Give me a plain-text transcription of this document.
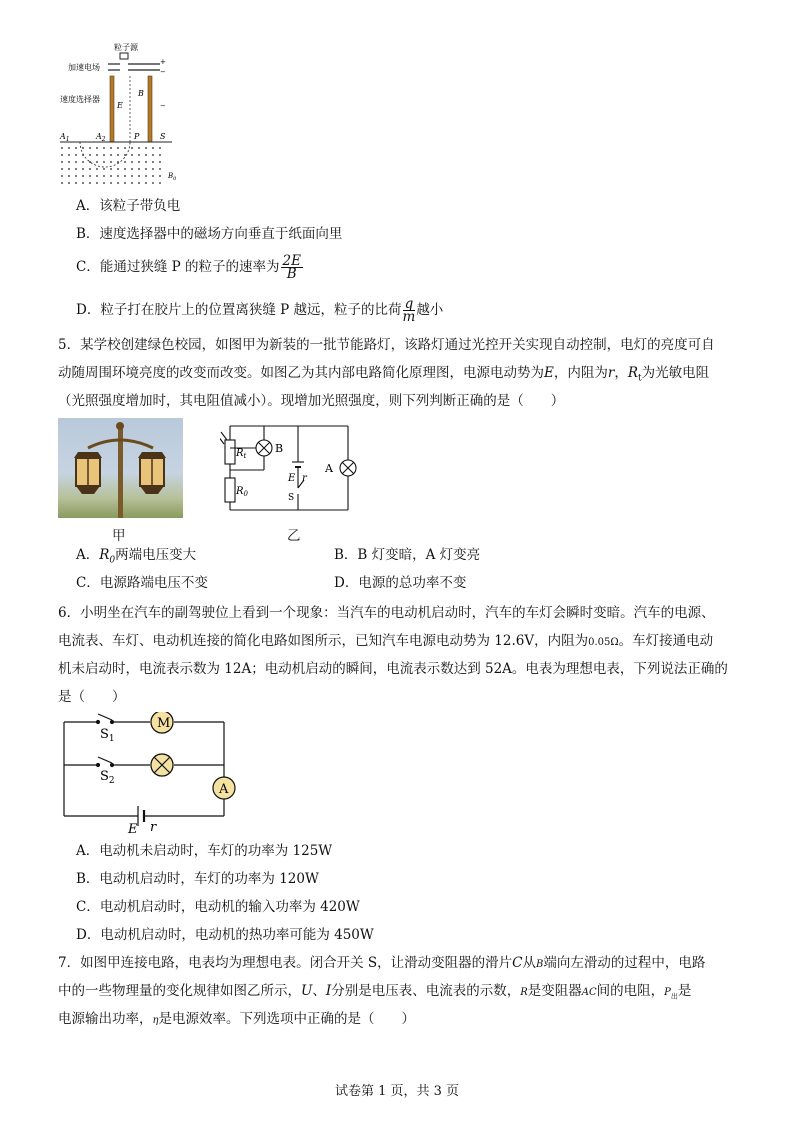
粒子源
加速电场
+
−
速度选择器
E
B
−
$A_1$	$A_2$	P	S
$B_0$
A．该粒子带负电
B．速度选择器中的磁场方向垂直于纸面向里
C．能通过狭缝 P 的粒子的速率为 $\frac{2E}{B}$
D．粒子打在胶片上的位置离狭缝 P 越远，粒子的比荷 $\frac{q}{m}$ 越小
5．某学校创建绿色校园，如图甲为新装的一批节能路灯，该路灯通过光控开关实现自动控制，电灯的亮度可自
动随周围环境亮度的改变而改变。如图乙为其内部电路简化原理图，电源电动势为E，内阻为r，$R_t$为光敏电阻
（光照强度增加时，其电阻值减小）。现增加光照强度，则下列判断正确的是（　　）
甲
$R_t$
B
$R_0$
E r
S
A
乙
A．$R_0$两端电压变大	B．B 灯变暗，A 灯变亮
C．电源路端电压不变	D．电源的总功率不变
6．小明坐在汽车的副驾驶位上看到一个现象：当汽车的电动机启动时，汽车的车灯会瞬时变暗。汽车的电源、
电流表、车灯、电动机连接的简化电路如图所示，已知汽车电源电动势为 12.6V，内阻为0.05Ω。车灯接通电动
机未启动时，电流表示数为 12A；电动机启动的瞬间，电流表示数达到 52A。电表为理想电表，下列说法正确的
是（　　）
M
A
$S_1$
$S_2$
E r
A．电动机未启动时，车灯的功率为 125W
B．电动机启动时，车灯的功率为 120W
C．电动机启动时，电动机的输入功率为 420W
D．电动机启动时，电动机的热功率可能为 450W
7．如图甲连接电路，电表均为理想电表。闭合开关 S，让滑动变阻器的滑片C从B端向左滑动的过程中，电路
中的一些物理量的变化规律如图乙所示，U、I分别是电压表、电流表的示数，R是变阻器AC间的电阻，$P_出$是
电源输出功率，η是电源效率。下列选项中正确的是（　　）
试卷第 1 页，共 3 页
